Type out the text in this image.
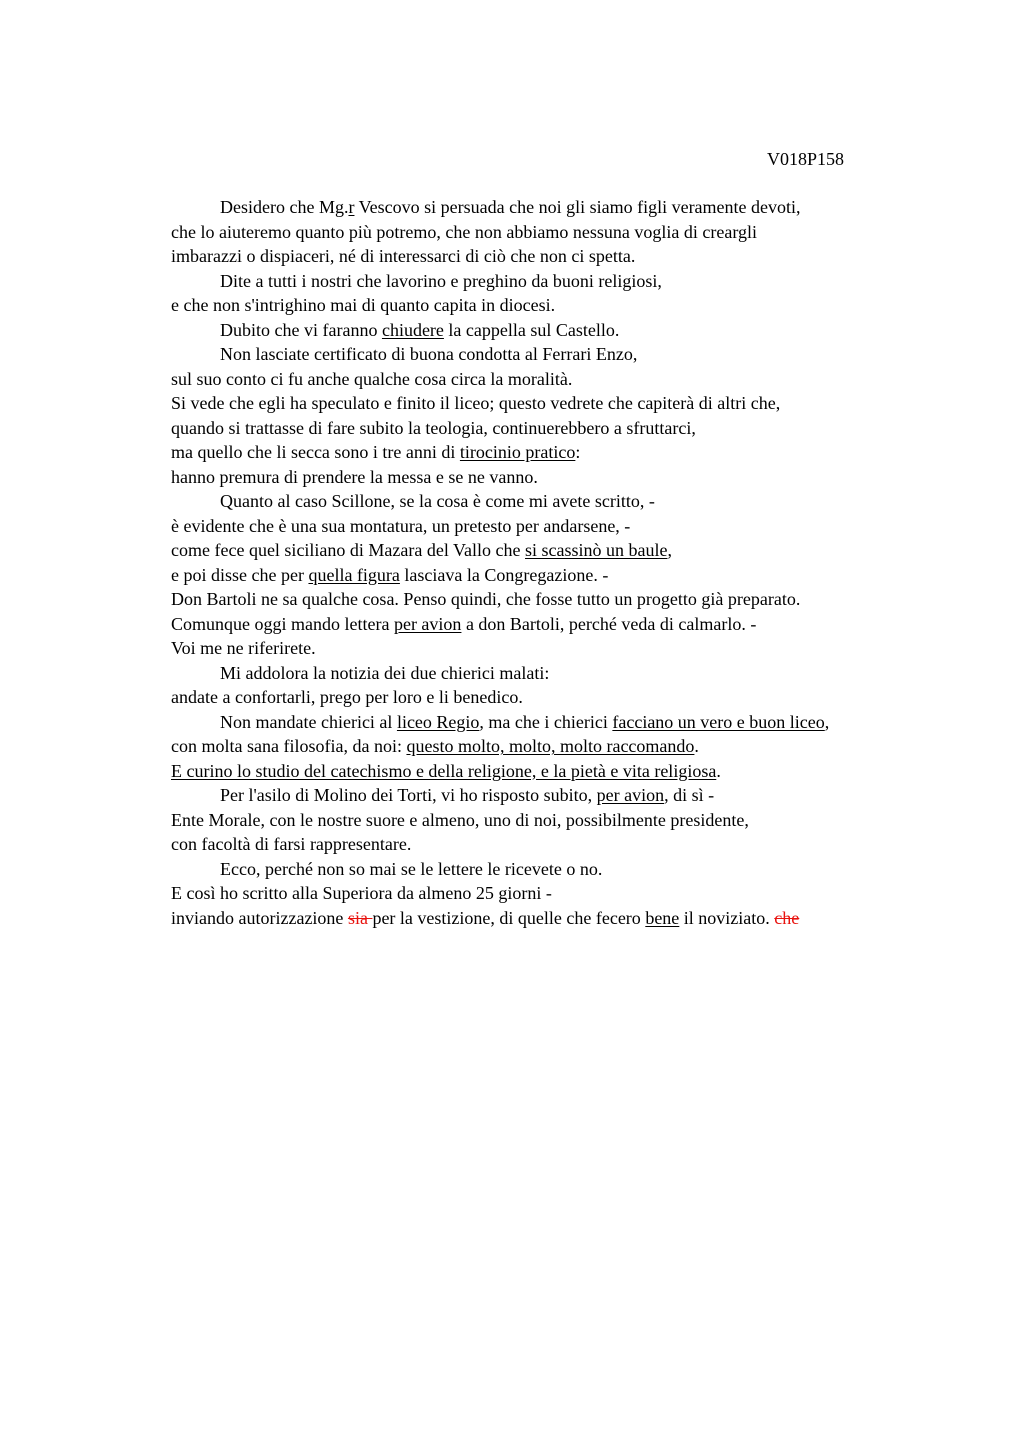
V018P158
Desidero che Mg.r Vescovo si persuada che noi gli siamo figli veramente devoti,
che lo aiuteremo quanto più potremo, che non abbiamo nessuna voglia di creargli
imbarazzi o dispiaceri, né di interessarci di ciò che non ci spetta.
Dite a tutti i nostri che lavorino e preghino da buoni religiosi,
e che non s'intrighino mai di quanto capita in diocesi.
Dubito che vi faranno chiudere la cappella sul Castello.
Non lasciate certificato di buona condotta al Ferrari Enzo,
sul suo conto ci fu anche qualche cosa circa la moralità.
Si vede che egli ha speculato e finito il liceo; questo vedrete che capiterà di altri che,
quando si trattasse di fare subito la teologia, continuerebbero a sfruttarci,
ma quello che li secca sono i tre anni di tirocinio pratico:
hanno premura di prendere la messa e se ne vanno.
Quanto al caso Scillone, se la cosa è come mi avete scritto, -
è evidente che è una sua montatura, un pretesto per andarsene, -
come fece quel siciliano di Mazara del Vallo che si scassinò un baule,
e poi disse che per quella figura lasciava la Congregazione. -
Don Bartoli ne sa qualche cosa. Penso quindi, che fosse tutto un progetto già preparato.
Comunque oggi mando lettera per avion a don Bartoli, perché veda di calmarlo. -
Voi me ne riferirete.
Mi addolora la notizia dei due chierici malati:
andate a confortarli, prego per loro e li benedico.
Non mandate chierici al liceo Regio, ma che i chierici facciano un vero e buon liceo,
con molta sana filosofia, da noi: questo molto, molto, molto raccomando.
E curino lo studio del catechismo e della religione, e la pietà e vita religiosa.
Per l'asilo di Molino dei Torti, vi ho risposto subito, per avion, di sì -
Ente Morale, con le nostre suore e almeno, uno di noi, possibilmente presidente,
con facoltà di farsi rappresentare.
Ecco, perché non so mai se le lettere le ricevete o no.
E così ho scritto alla Superiora da almeno 25 giorni -
inviando autorizzazione sia per la vestizione, di quelle che fecero bene il noviziato. che
